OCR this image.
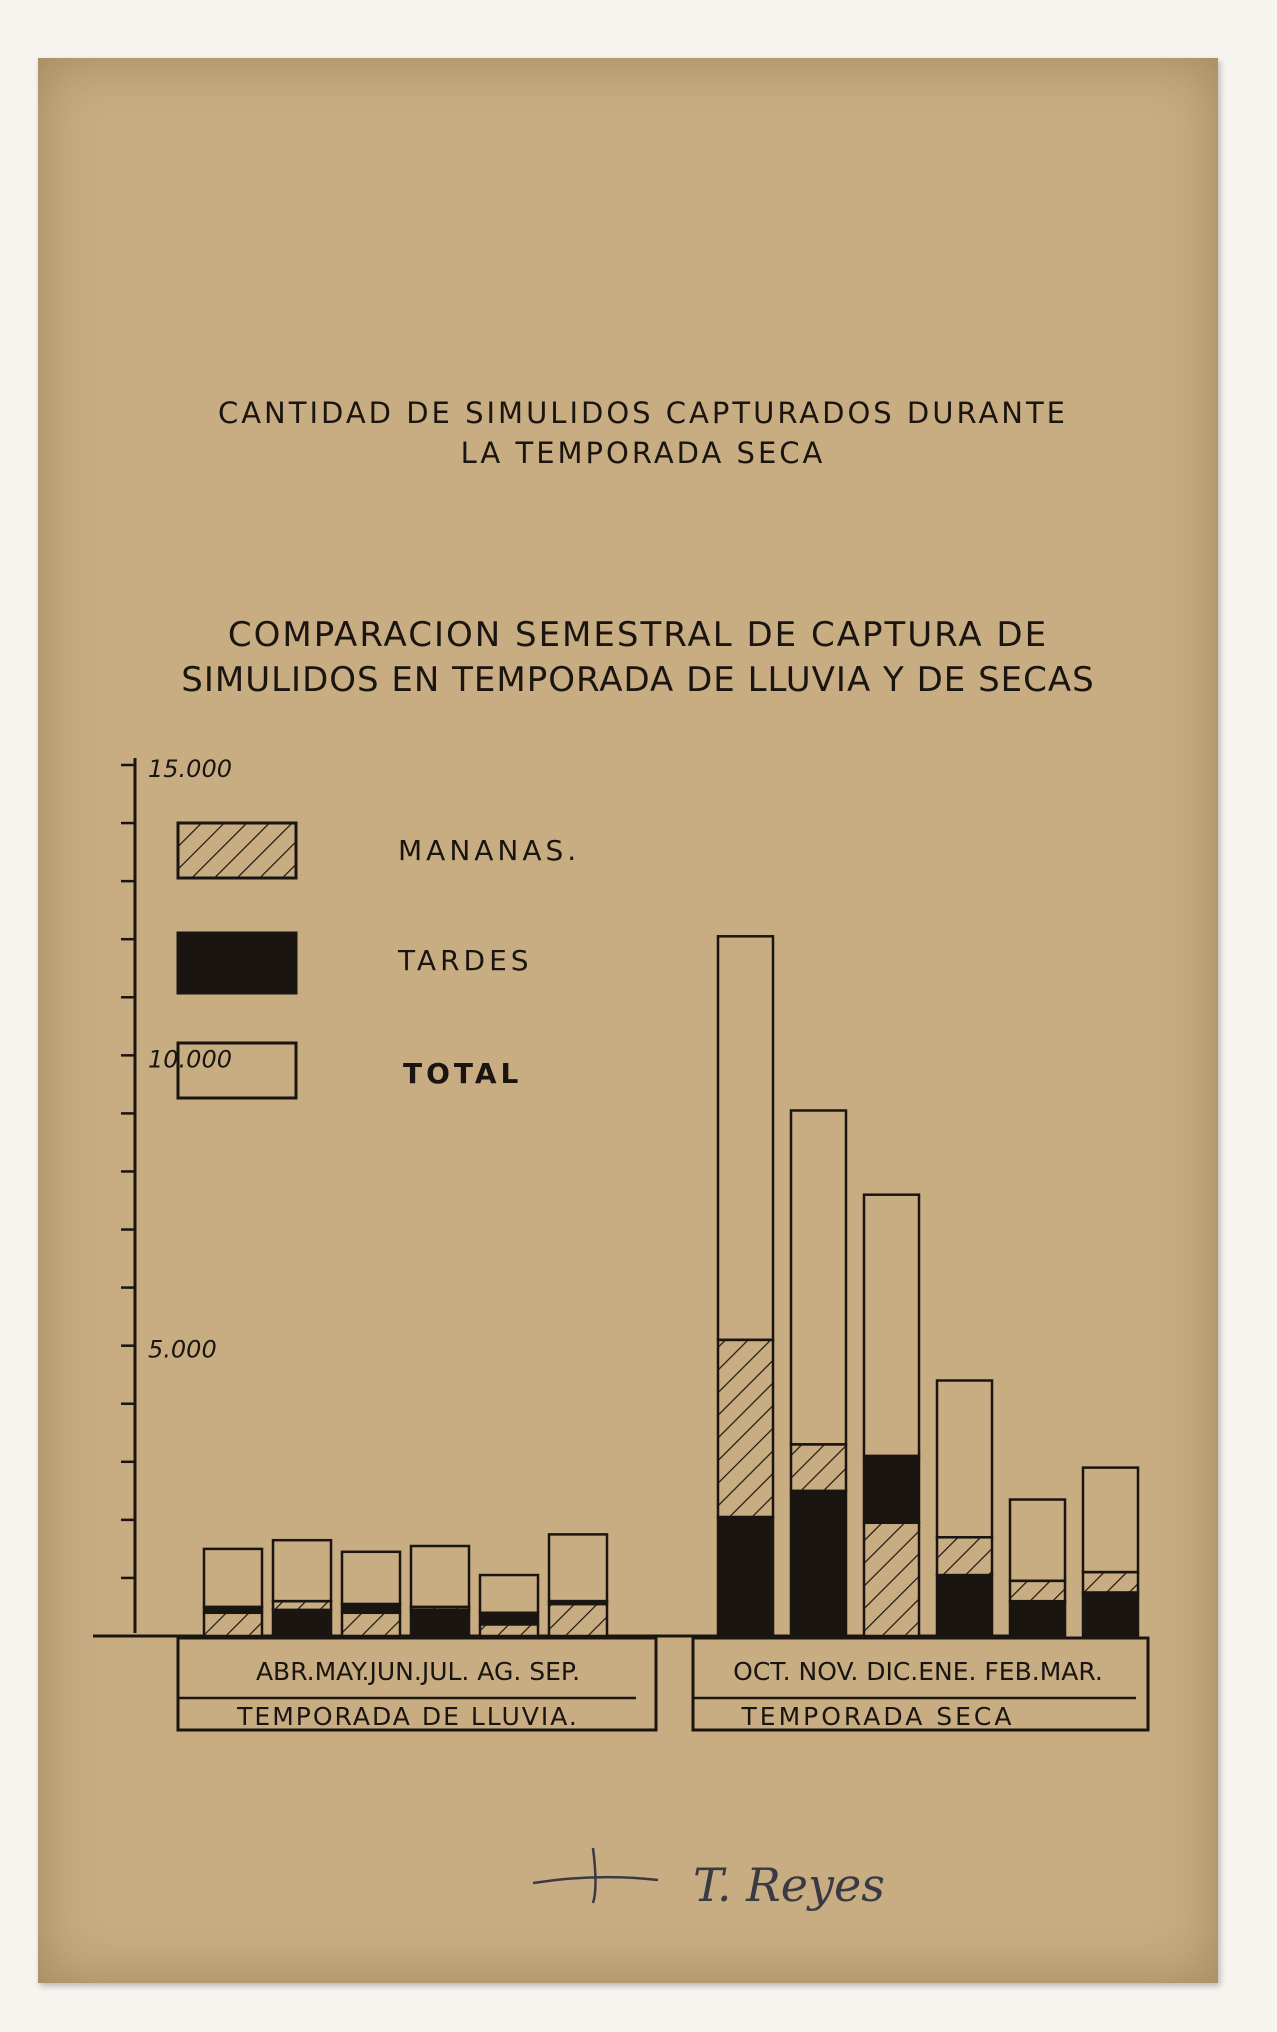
CANTIDAD DE SIMULIDOS CAPTURADOS DURANTE
LA TEMPORADA SECA
COMPARACION SEMESTRAL DE CAPTURA DE
SIMULIDOS EN TEMPORADA DE LLUVIA Y DE SECAS
15.000
10.000
5.000
MANANAS.
TARDES
TOTAL
ABR.MAY.JUN.JUL. AG. SEP.
TEMPORADA DE LLUVIA.
OCT. NOV. DIC.ENE. FEB.MAR.
TEMPORADA SECA
T. Reyes
